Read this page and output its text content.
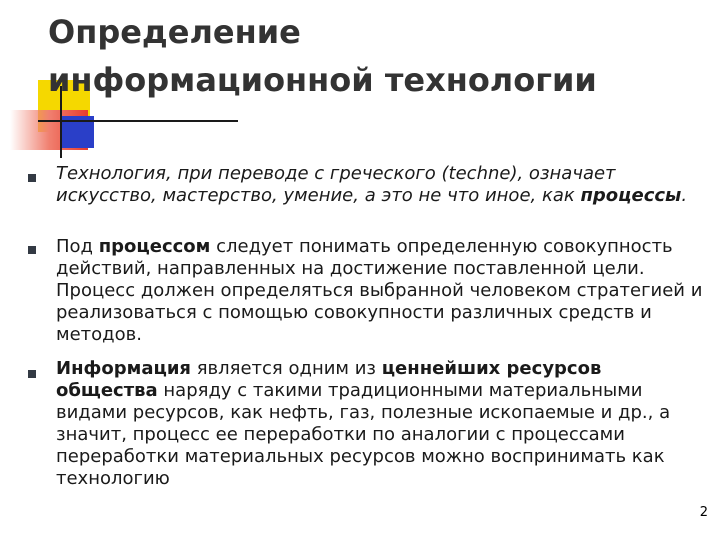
Определение
информационной технологии

Технология, при переводе с греческого (techne), означает искусство, мастерство, умение, а это не что иное, как процессы.

Под процессом следует понимать определенную совокупность действий, направленных на достижение поставленной цели. Процесс должен определяться выбранной человеком стратегией и реализоваться с помощью совокупности различных средств и методов.

Информация является одним из ценнейших ресурсов общества наряду с такими традиционными материальными видами ресурсов, как нефть, газ, полезные ископаемые и др., а значит, процесс ее переработки по аналогии с процессами переработки материальных ресурсов можно воспринимать как технологию

2
